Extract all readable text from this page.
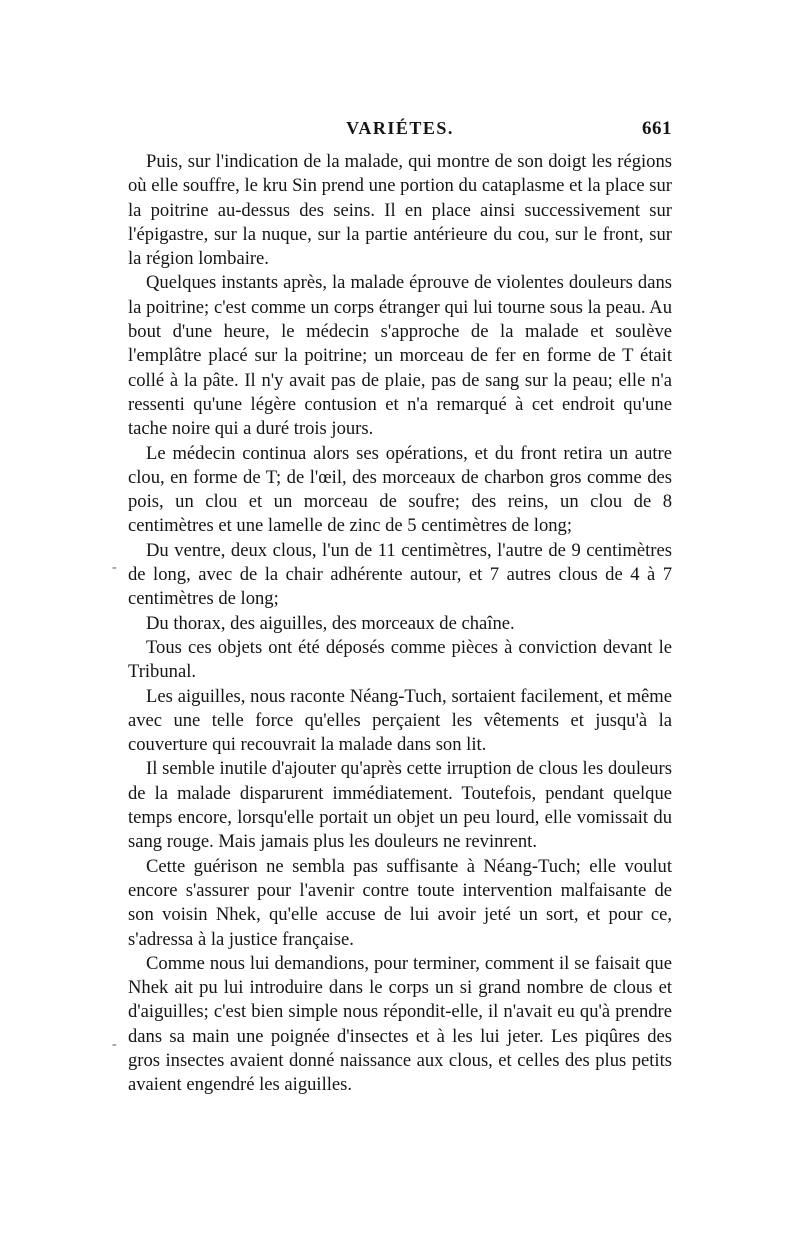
VARIÉTES.	661
-
-

Puis, sur l'indication de la malade, qui montre de son doigt les régions où elle souffre, le kru Sin prend une portion du cataplasme et la place sur la poitrine au-dessus des seins. Il en place ainsi successivement sur l'épigastre, sur la nuque, sur la partie antérieure du cou, sur le front, sur la région lombaire.

Quelques instants après, la malade éprouve de violentes douleurs dans la poitrine; c'est comme un corps étranger qui lui tourne sous la peau. Au bout d'une heure, le médecin s'approche de la malade et soulève l'emplâtre placé sur la poitrine; un morceau de fer en forme de T était collé à la pâte. Il n'y avait pas de plaie, pas de sang sur la peau; elle n'a ressenti qu'une légère contusion et n'a remarqué à cet endroit qu'une tache noire qui a duré trois jours.

Le médecin continua alors ses opérations, et du front retira un autre clou, en forme de T; de l'œil, des morceaux de charbon gros comme des pois, un clou et un morceau de soufre; des reins, un clou de 8 centimètres et une lamelle de zinc de 5 centimètres de long;

Du ventre, deux clous, l'un de 11 centimètres, l'autre de 9 centimètres de long, avec de la chair adhérente autour, et 7 autres clous de 4 à 7 centimètres de long;

Du thorax, des aiguilles, des morceaux de chaîne.

Tous ces objets ont été déposés comme pièces à conviction devant le Tribunal.

Les aiguilles, nous raconte Néang-Tuch, sortaient facilement, et même avec une telle force qu'elles perçaient les vêtements et jusqu'à la couverture qui recouvrait la malade dans son lit.

Il semble inutile d'ajouter qu'après cette irruption de clous les douleurs de la malade disparurent immédiatement. Toutefois, pendant quelque temps encore, lorsqu'elle portait un objet un peu lourd, elle vomissait du sang rouge. Mais jamais plus les douleurs ne revinrent.

Cette guérison ne sembla pas suffisante à Néang-Tuch; elle voulut encore s'assurer pour l'avenir contre toute intervention malfaisante de son voisin Nhek, qu'elle accuse de lui avoir jeté un sort, et pour ce, s'adressa à la justice française.

Comme nous lui demandions, pour terminer, comment il se faisait que Nhek ait pu lui introduire dans le corps un si grand nombre de clous et d'aiguilles; c'est bien simple nous répondit-elle, il n'avait eu qu'à prendre dans sa main une poignée d'insectes et à les lui jeter. Les piqûres des gros insectes avaient donné naissance aux clous, et celles des plus petits avaient engendré les aiguilles.
